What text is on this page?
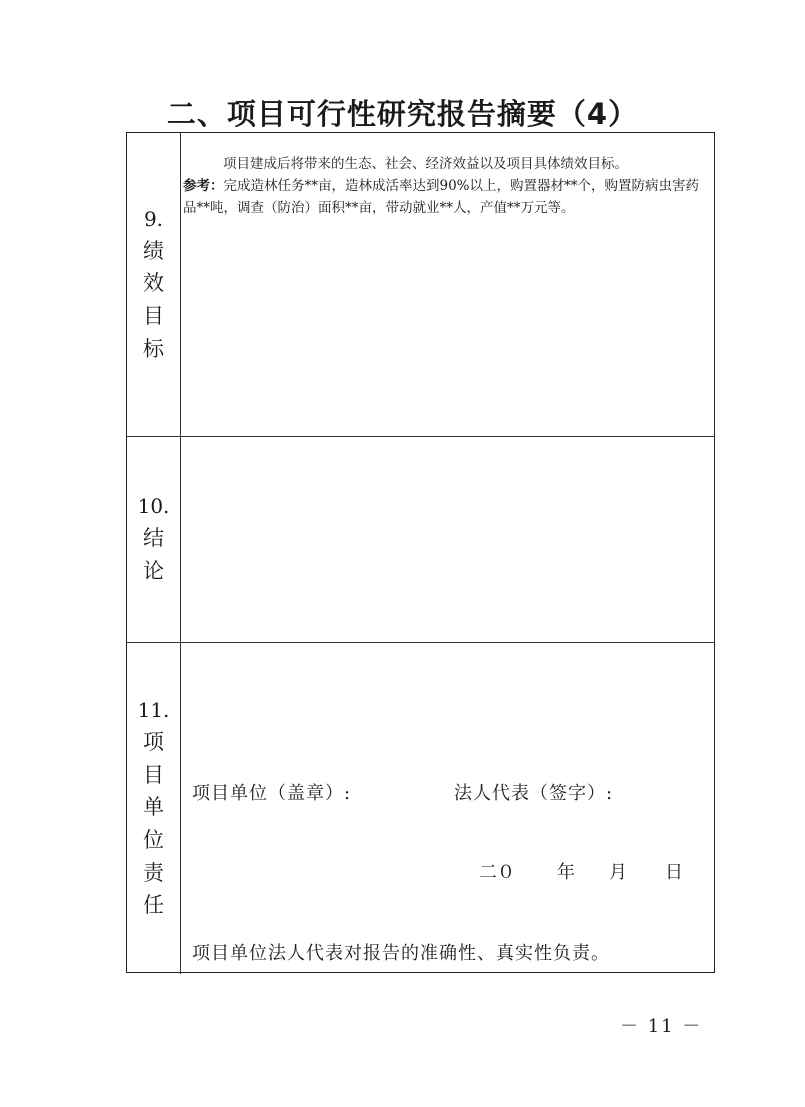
二、项目可行性研究报告摘要（4）
9.
绩
效
目
标
项目建成后将带来的生态、社会、经济效益以及项目具体绩效目标。
参考：完成造林任务**亩，造林成活率达到90%以上，购置器材**个，购置防病虫害药品**吨，调查（防治）面积**亩，带动就业**人，产值**万元等。
10.
结
论
11.
项
目
单
位
责
任
项目单位（盖章）:	法人代表（签字）:
二０ 年 月 日
项目单位法人代表对报告的准确性、真实性负责。
－ 11 －
